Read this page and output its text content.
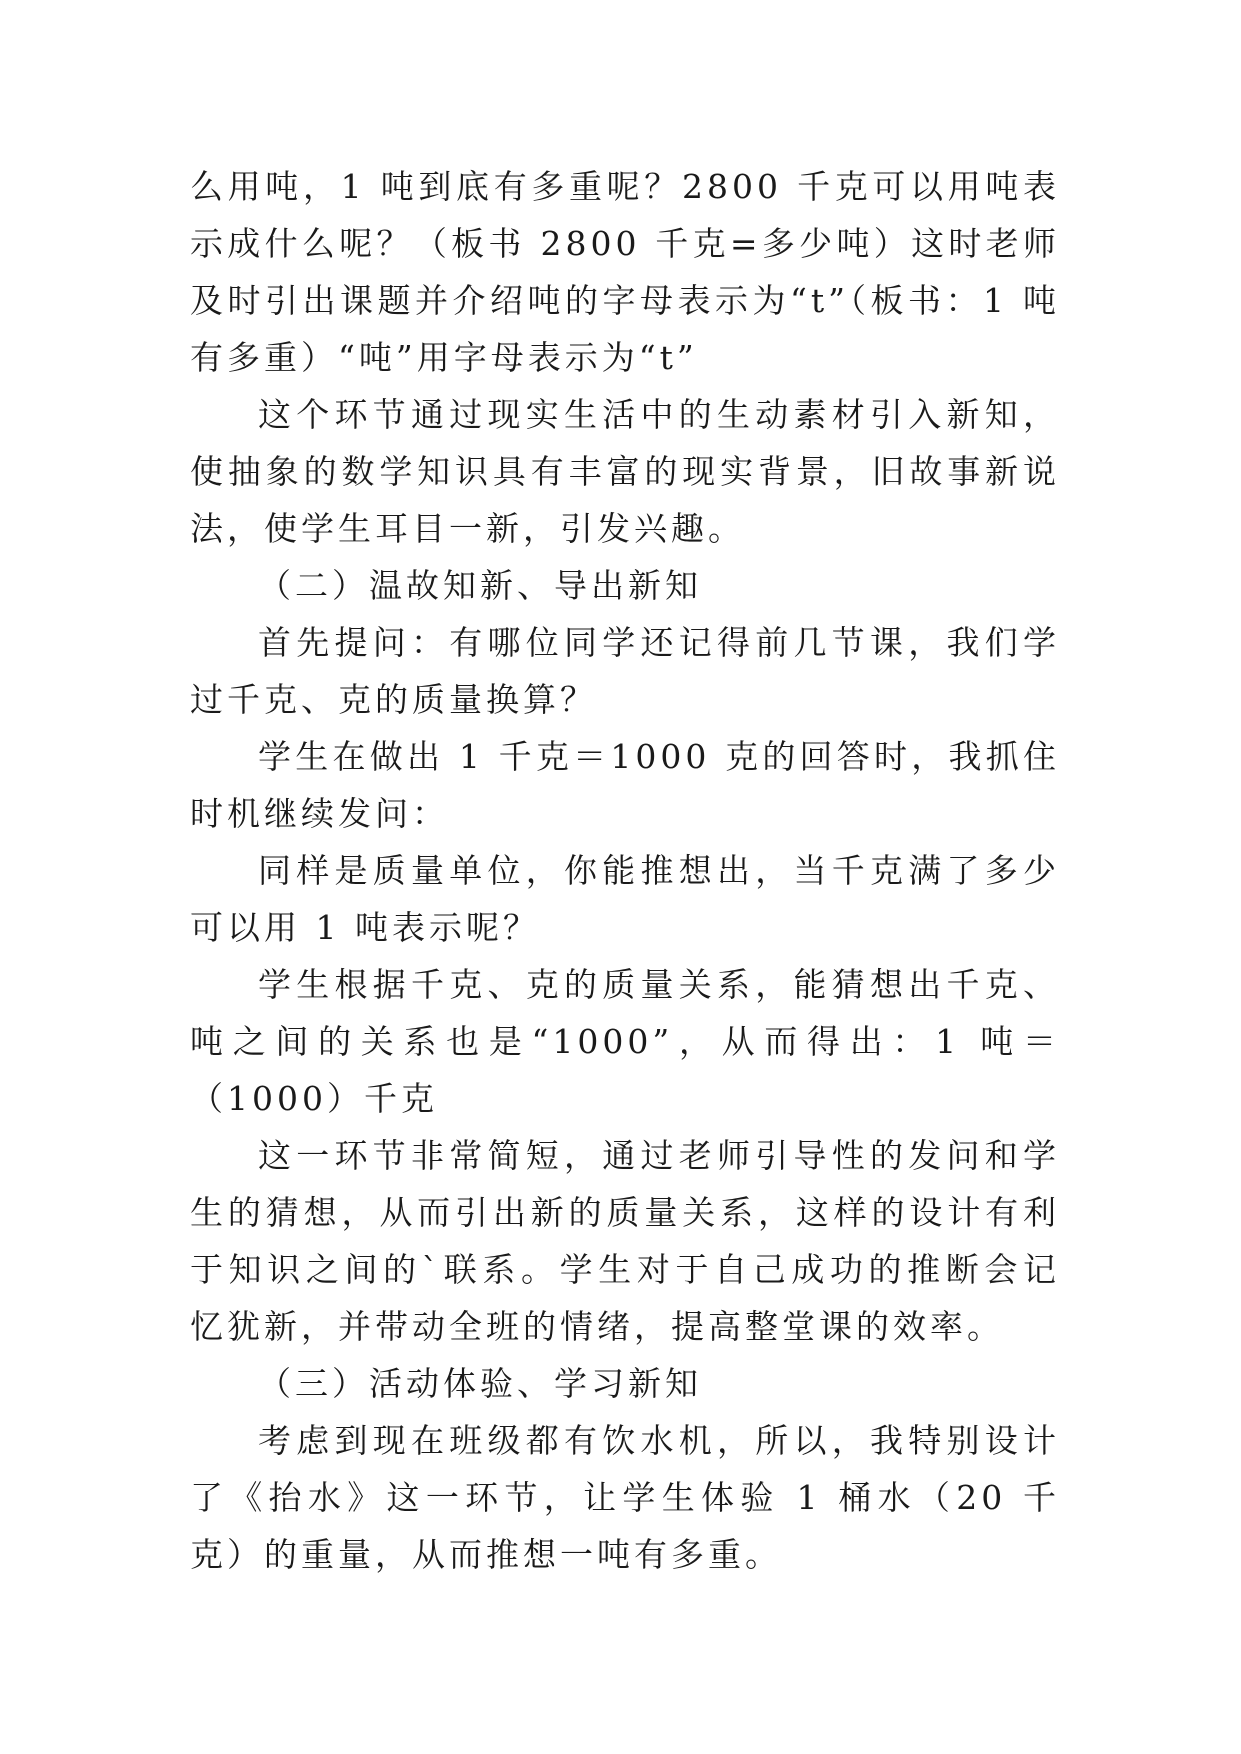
么用吨，1 吨到底有多重呢？2800 千克可以用吨表示成什么呢？（板书 2800 千克=多少吨）这时老师及时引出课题并介绍吨的字母表示为“t”（板书：1 吨有多重）“吨”用字母表示为“t”

这个环节通过现实生活中的生动素材引入新知，使抽象的数学知识具有丰富的现实背景，旧故事新说法，使学生耳目一新，引发兴趣。

（二）温故知新、导出新知

首先提问：有哪位同学还记得前几节课，我们学过千克、克的质量换算？

学生在做出 1 千克＝1000 克的回答时，我抓住时机继续发问：

同样是质量单位，你能推想出，当千克满了多少可以用 1 吨表示呢？

学生根据千克、克的质量关系，能猜想出千克、吨之间的关系也是“1000”，从而得出：1 吨＝（1000）千克

这一环节非常简短，通过老师引导性的发问和学生的猜想，从而引出新的质量关系，这样的设计有利于知识之间的`联系。学生对于自己成功的推断会记忆犹新，并带动全班的情绪，提高整堂课的效率。

（三）活动体验、学习新知

考虑到现在班级都有饮水机，所以，我特别设计了《抬水》这一环节，让学生体验 1 桶水（20 千克）的重量，从而推想一吨有多重。
